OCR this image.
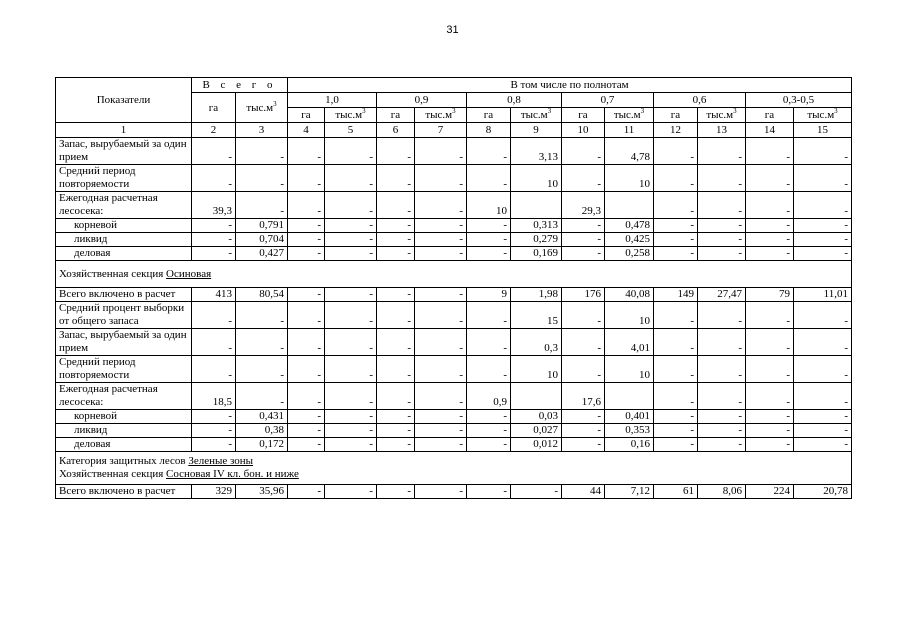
31
Показатели	В с е г о		В том числе по полнотам											
	га	$тыс.м^3$	1,0		0,9		0,8		0,7		0,6		0,3-0,5	
			га	$тыс.м^3$	га	$тыс.м^3$	га	$тыс.м^3$	га	$тыс.м^3$	га	$тыс.м^3$	га	$тыс.м^3$
1	2	3	4	5	6	7	8	9	10	11	12	13	14	15
Запас, вырубаемый за один прием	-	-	-	-	-	-	-	3,13	-	4,78	-	-	-	-
Средний период повторяемости	-	-	-	-	-	-	-	10	-	10	-	-	-	-
Ежегодная расчетная лесосека:	39,3	-	-	-	-	-	10		29,3		-	-	-	-
корневой	-	0,791	-	-	-	-	-	0,313	-	0,478	-	-	-	-
ликвид	-	0,704	-	-	-	-	-	0,279	-	0,425	-	-	-	-
деловая	-	0,427	-	-	-	-	-	0,169	-	0,258	-	-	-	-

Хозяйственная секция Осиновая														

Всего включено в расчет	413	80,54	-	-	-	-	9	1,98	176	40,08	149	27,47	79	11,01
Средний процент выборки от общего запаса	-	-	-	-	-	-	-	15	-	10	-	-	-	-
Запас, вырубаемый за один прием	-	-	-	-	-	-	-	0,3	-	4,01	-	-	-	-
Средний период повторяемости	-	-	-	-	-	-	-	10	-	10	-	-	-	-
Ежегодная расчетная лесосека:	18,5	-	-	-	-	-	0,9		17,6		-	-	-	-
корневой	-	0,431	-	-	-	-	-	0,03	-	0,401	-	-	-	-
ликвид	-	0,38	-	-	-	-	-	0,027	-	0,353	-	-	-	-
деловая	-	0,172	-	-	-	-	-	0,012	-	0,16	-	-	-	-

Категория защитных лесов Зеленые зоны
Хозяйственная секция Сосновая IV кл. бон. и ниже														

Всего включено в расчет	329	35,96	-	-	-	-	-	-	44	7,12	61	8,06	224	20,78
